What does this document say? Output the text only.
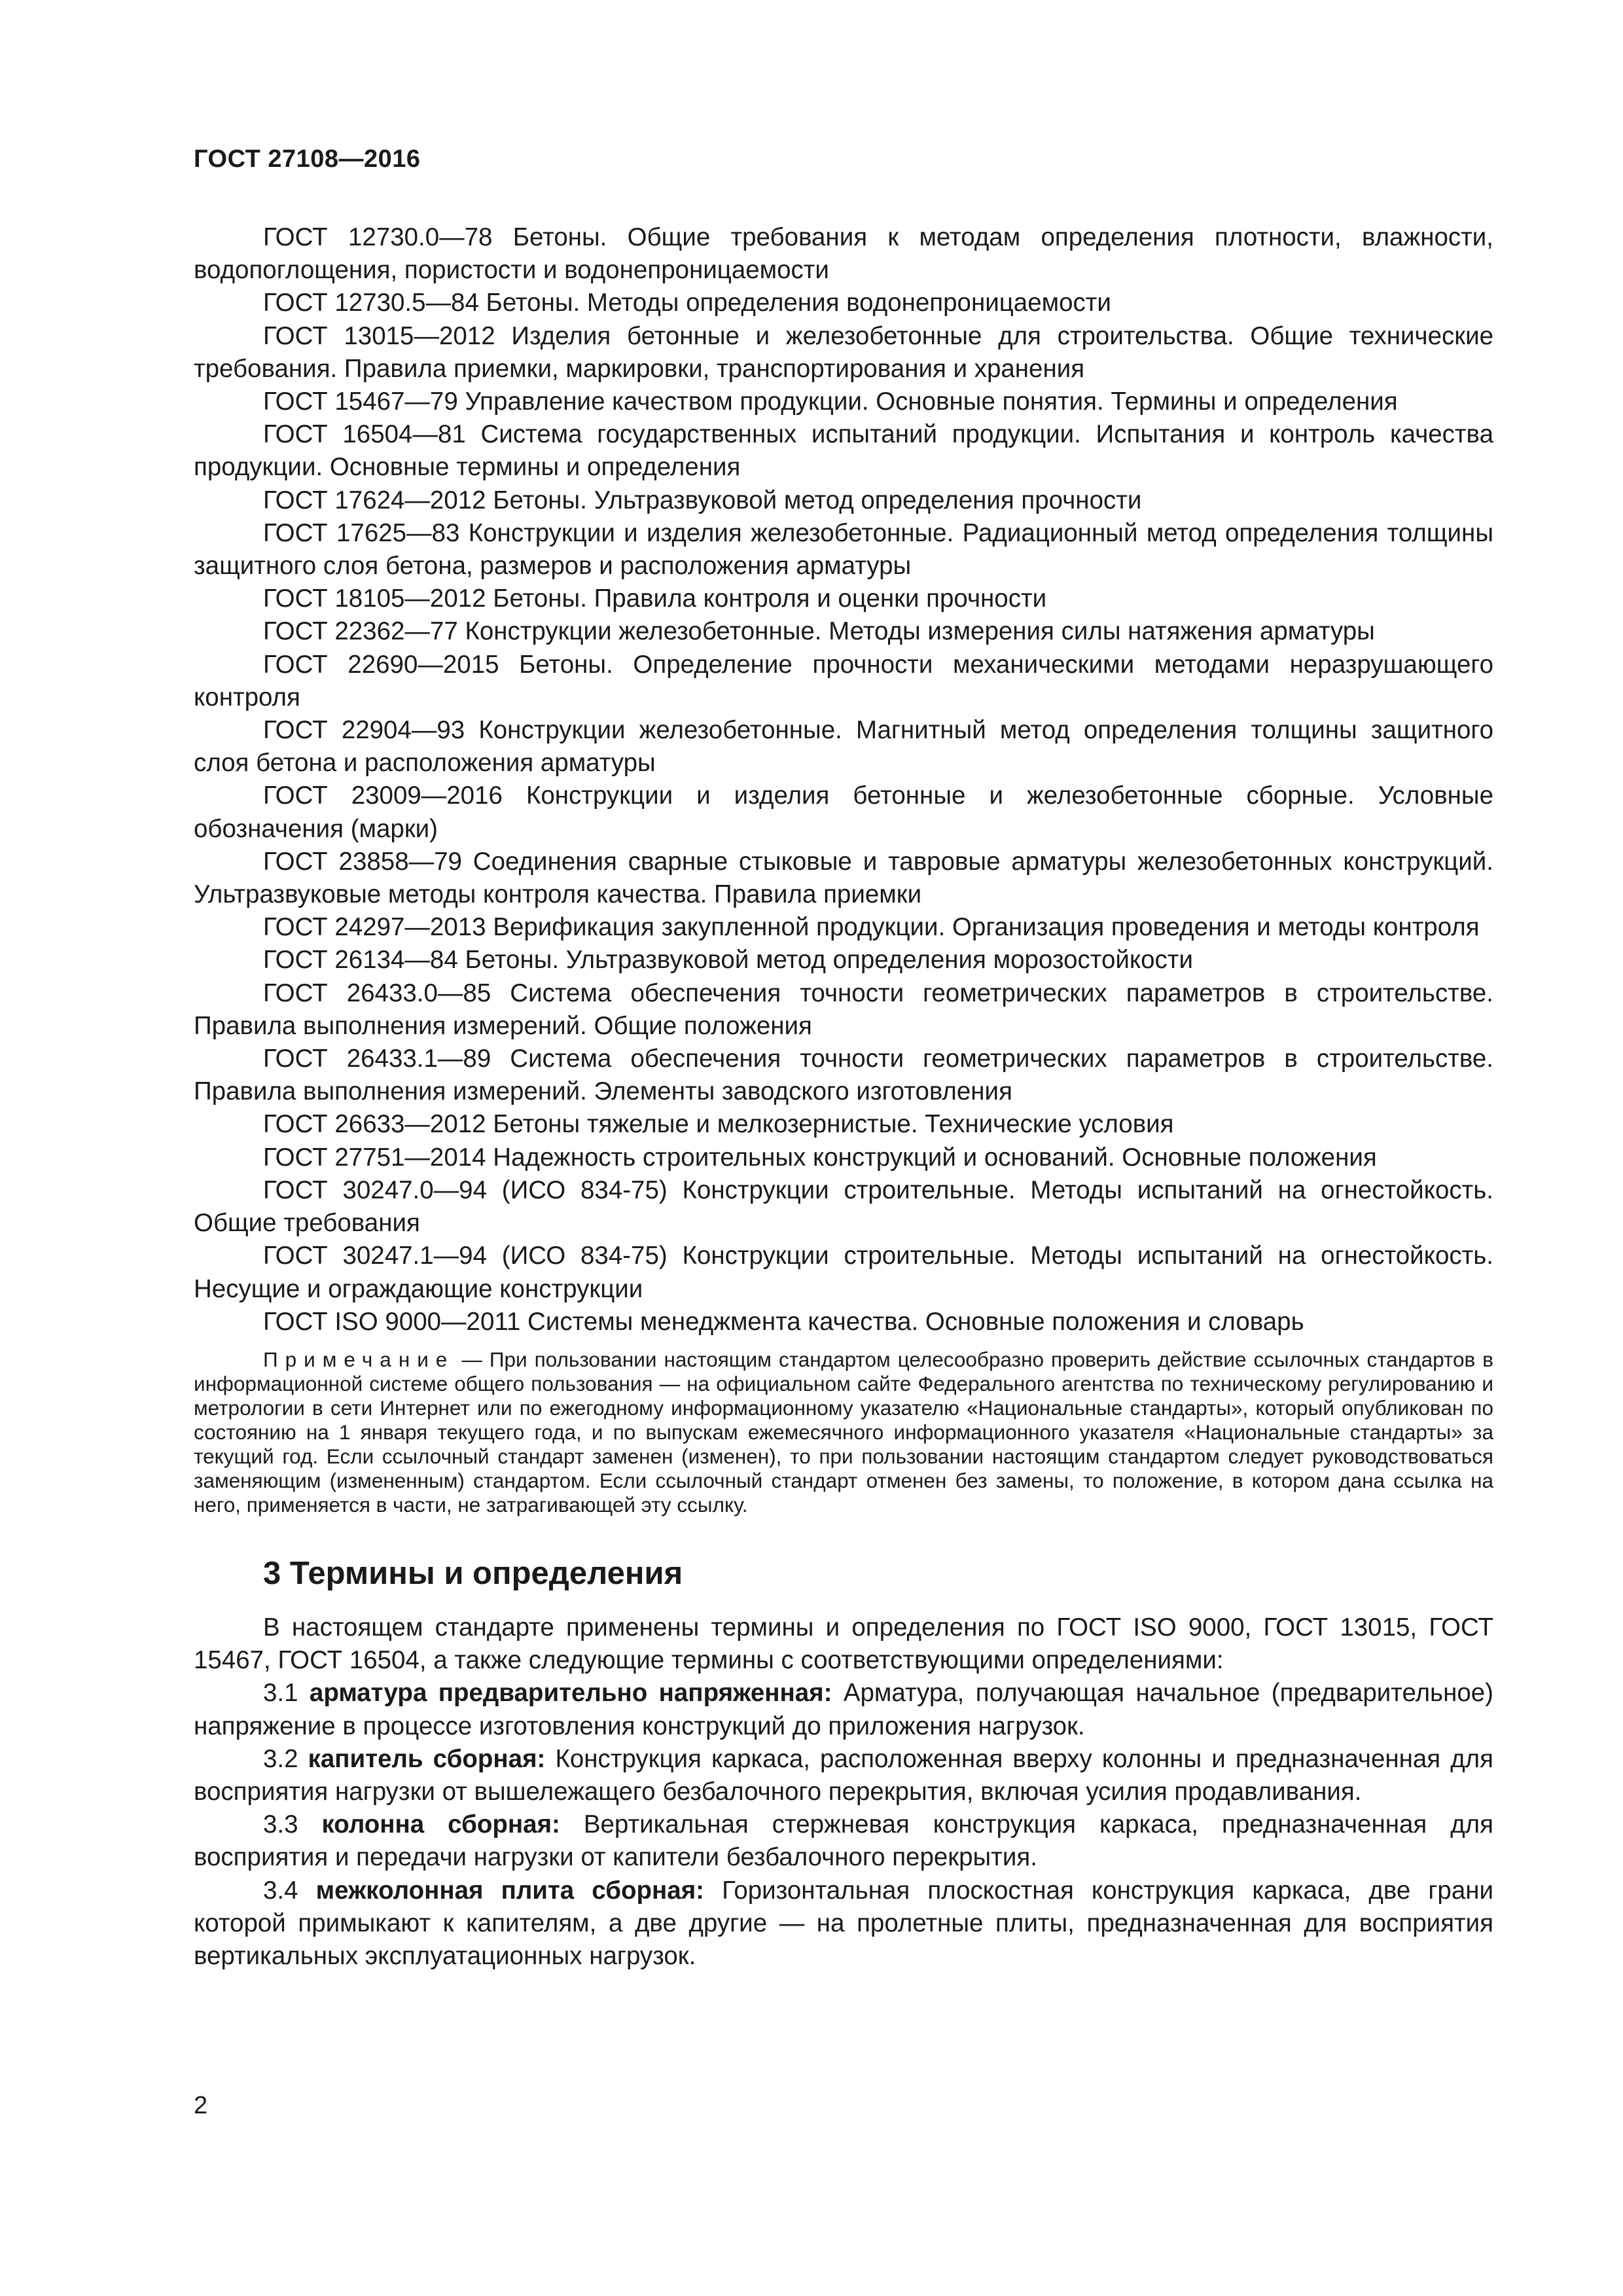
ГОСТ 27108—2016

ГОСТ 12730.0—78 Бетоны. Общие требования к методам определения плотности, влажности, водопоглощения, пористости и водонепроницаемости

ГОСТ 12730.5—84 Бетоны. Методы определения водонепроницаемости

ГОСТ 13015—2012 Изделия бетонные и железобетонные для строительства. Общие технические требования. Правила приемки, маркировки, транспортирования и хранения

ГОСТ 15467—79 Управление качеством продукции. Основные понятия. Термины и определения

ГОСТ 16504—81 Система государственных испытаний продукции. Испытания и контроль качества продукции. Основные термины и определения

ГОСТ 17624—2012 Бетоны. Ультразвуковой метод определения прочности

ГОСТ 17625—83 Конструкции и изделия железобетонные. Радиационный метод определения толщины защитного слоя бетона, размеров и расположения арматуры

ГОСТ 18105—2012 Бетоны. Правила контроля и оценки прочности

ГОСТ 22362—77 Конструкции железобетонные. Методы измерения силы натяжения арматуры

ГОСТ 22690—2015 Бетоны. Определение прочности механическими методами неразрушающего контроля

ГОСТ 22904—93 Конструкции железобетонные. Магнитный метод определения толщины защитного слоя бетона и расположения арматуры

ГОСТ 23009—2016 Конструкции и изделия бетонные и железобетонные сборные. Условные обозначения (марки)

ГОСТ 23858—79 Соединения сварные стыковые и тавровые арматуры железобетонных конструкций. Ультразвуковые методы контроля качества. Правила приемки

ГОСТ 24297—2013 Верификация закупленной продукции. Организация проведения и методы контроля

ГОСТ 26134—84 Бетоны. Ультразвуковой метод определения морозостойкости

ГОСТ 26433.0—85 Система обеспечения точности геометрических параметров в строительстве. Правила выполнения измерений. Общие положения

ГОСТ 26433.1—89 Система обеспечения точности геометрических параметров в строительстве. Правила выполнения измерений. Элементы заводского изготовления

ГОСТ 26633—2012 Бетоны тяжелые и мелкозернистые. Технические условия

ГОСТ 27751—2014 Надежность строительных конструкций и оснований. Основные положения

ГОСТ 30247.0—94 (ИСО 834-75) Конструкции строительные. Методы испытаний на огнестойкость. Общие требования

ГОСТ 30247.1—94 (ИСО 834-75) Конструкции строительные. Методы испытаний на огнестойкость. Несущие и ограждающие конструкции

ГОСТ ISO 9000—2011 Системы менеджмента качества. Основные положения и словарь

Примечание — При пользовании настоящим стандартом целесообразно проверить действие ссылочных стандартов в информационной системе общего пользования — на официальном сайте Федерального агентства по техническому регулированию и метрологии в сети Интернет или по ежегодному информационному указателю «Национальные стандарты», который опубликован по состоянию на 1 января текущего года, и по выпускам ежемесячного информационного указателя «Национальные стандарты» за текущий год. Если ссылочный стандарт заменен (изменен), то при пользовании настоящим стандартом следует руководствоваться заменяющим (измененным) стандартом. Если ссылочный стандарт отменен без замены, то положение, в котором дана ссылка на него, применяется в части, не затрагивающей эту ссылку.
3 Термины и определения

В настоящем стандарте применены термины и определения по ГОСТ ISO 9000, ГОСТ 13015, ГОСТ 15467, ГОСТ 16504, а также следующие термины с соответствующими определениями:

3.1 арматура предварительно напряженная: Арматура, получающая начальное (предварительное) напряжение в процессе изготовления конструкций до приложения нагрузок.

3.2 капитель сборная: Конструкция каркаса, расположенная вверху колонны и предназначенная для восприятия нагрузки от вышележащего безбалочного перекрытия, включая усилия продавливания.

3.3 колонна сборная: Вертикальная стержневая конструкция каркаса, предназначенная для восприятия и передачи нагрузки от капители безбалочного перекрытия.

3.4 межколонная плита сборная: Горизонтальная плоскостная конструкция каркаса, две грани которой примыкают к капителям, а две другие — на пролетные плиты, предназначенная для восприятия вертикальных эксплуатационных нагрузок.

2
